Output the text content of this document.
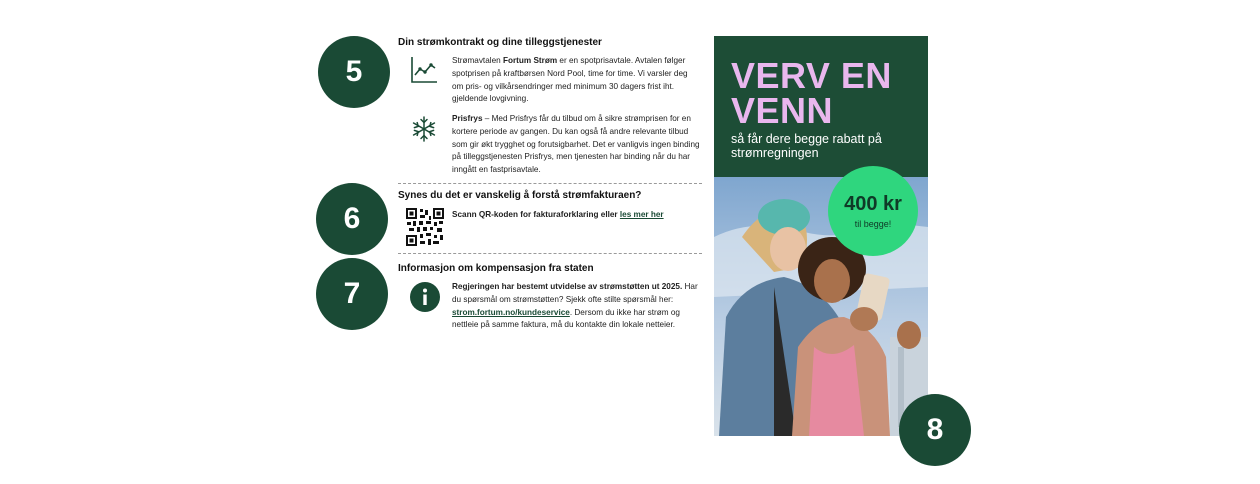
5
Din strømkontrakt og dine tilleggstjenester
Strømavtalen Fortum Strøm er en spotprisavtale. Avtalen følger spotprisen på kraftbørsen Nord Pool, time for time. Vi varsler deg om pris- og vilkårsendringer med minimum 30 dagers frist iht. gjeldende lovgivning.
Prisfrys – Med Prisfrys får du tilbud om å sikre strømprisen for en kortere periode av gangen. Du kan også få andre relevante tilbud som gir økt trygghet og forutsigbarhet. Det er vanligvis ingen binding på tilleggstjenesten Prisfrys, men tjenesten har binding når du har inngått en fastprisavtale.
6
Synes du det er vanskelig å forstå strømfakturaen?
Scann QR-koden for fakturaforklaring eller les mer her
7
Informasjon om kompensasjon fra staten
Regjeringen har bestemt utvidelse av strømstøtten ut 2025. Har du spørsmål om strømstøtten? Sjekk ofte stilte spørsmål her: strom.fortum.no/kundeservice. Dersom du ikke har strøm og nettleie på samme faktura, må du kontakte din lokale netteier.
VERV EN
VENN
så får dere begge rabatt på strømregningen
400 kr
til begge!
8
